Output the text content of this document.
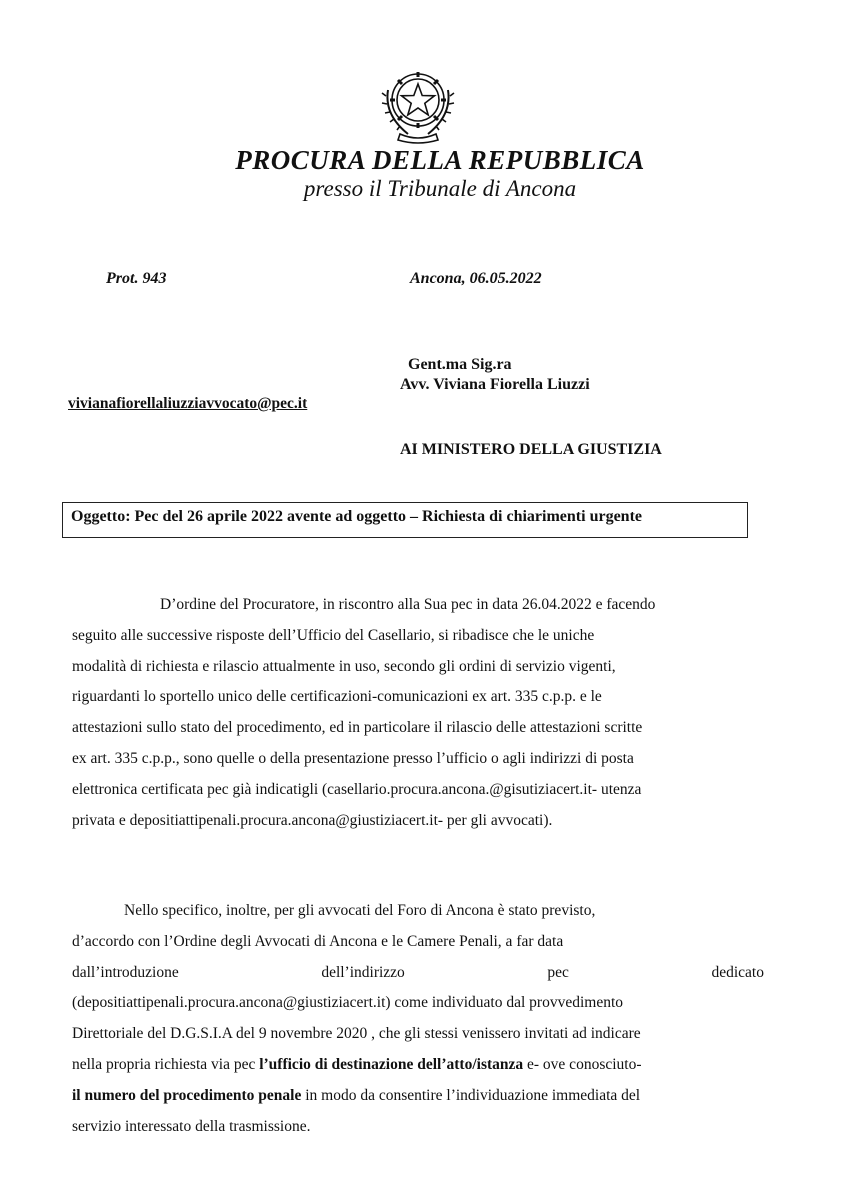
PROCURA DELLA REPUBBLICA
presso il Tribunale di Ancona
Prot. 943	Ancona, 06.05.2022
Gent.ma Sig.ra
Avv. Viviana Fiorella Liuzzi
vivianafiorellaliuzziavvocato@pec.it
AI MINISTERO DELLA GIUSTIZIA
Oggetto: Pec del 26 aprile 2022 avente ad oggetto – Richiesta di chiarimenti urgente
D’ordine del Procuratore, in riscontro alla Sua pec in data 26.04.2022 e facendo
seguito alle successive risposte dell’Ufficio del Casellario, si ribadisce che le uniche
modalità di richiesta e rilascio attualmente in uso, secondo gli ordini di servizio vigenti,
riguardanti lo sportello unico delle certificazioni-comunicazioni ex art. 335 c.p.p. e le
attestazioni sullo stato del procedimento, ed in particolare il rilascio delle attestazioni scritte
ex art. 335 c.p.p., sono quelle o della presentazione presso l’ufficio o agli indirizzi di posta
elettronica certificata pec già indicatigli (casellario.procura.ancona.@gisutiziacert.it- utenza
privata e depositiattipenali.procura.ancona@giustiziacert.it- per gli avvocati).
Nello specifico, inoltre, per gli avvocati del Foro di Ancona è stato previsto,
d’accordo con l’Ordine degli Avvocati di Ancona e le Camere Penali, a far data
dall’introduzione	dell’indirizzo	pec	dedicato
(depositiattipenali.procura.ancona@giustiziacert.it) come individuato dal provvedimento
Direttoriale del D.G.S.I.A del 9 novembre 2020 , che gli stessi venissero invitati ad indicare
nella propria richiesta via pec l’ufficio di destinazione dell’atto/istanza e- ove conosciuto-
il numero del procedimento penale in modo da consentire l’individuazione immediata del
servizio interessato della trasmissione.
